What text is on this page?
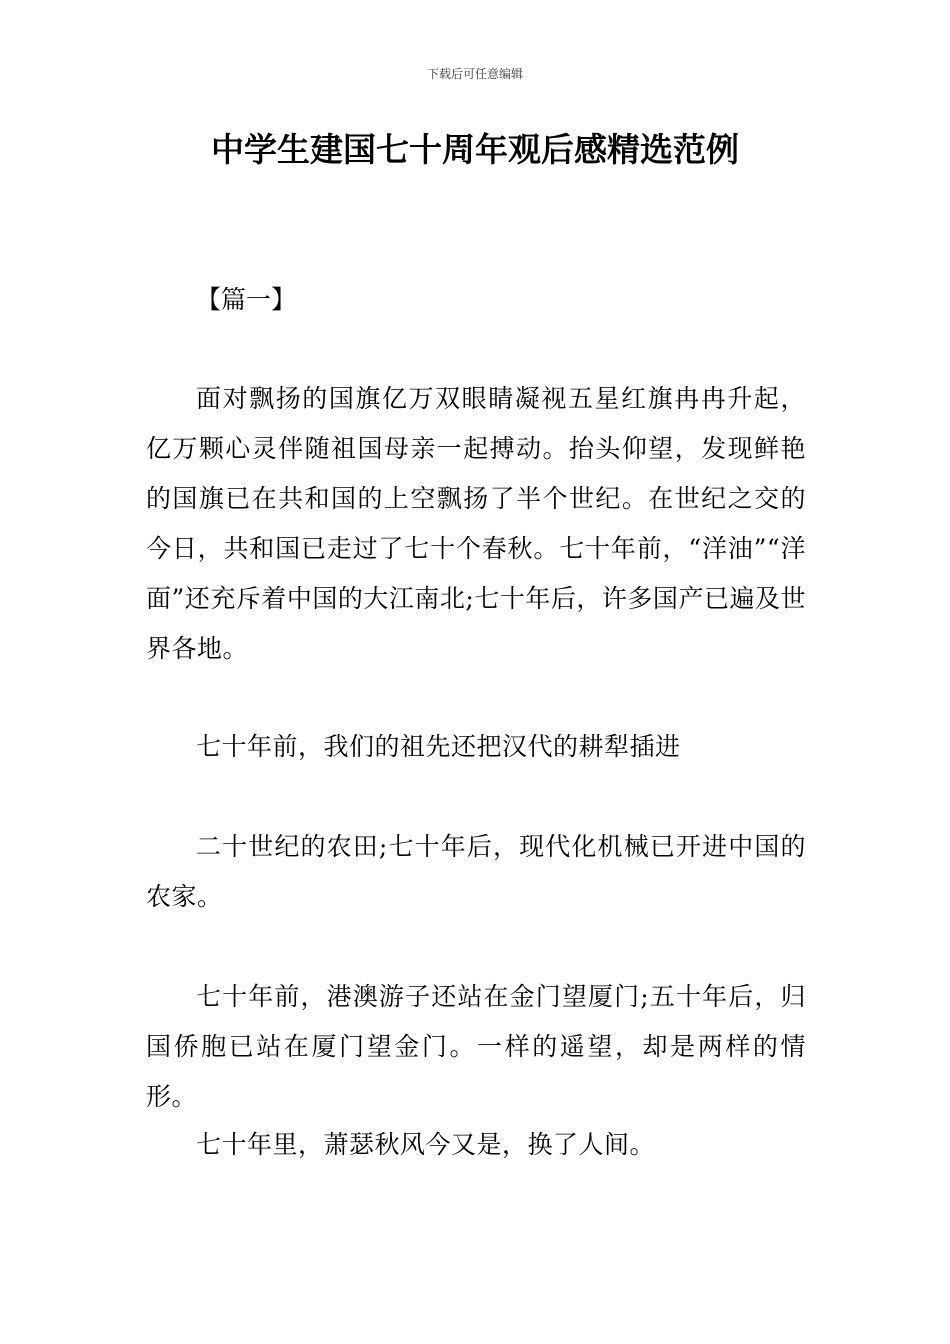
下载后可任意编辑
中学生建国七十周年观后感精选范例
【篇一】

面对飘扬的国旗亿万双眼睛凝视五星红旗冉冉升起，亿万颗心灵伴随祖国母亲一起搏动。抬头仰望，发现鲜艳的国旗已在共和国的上空飘扬了半个世纪。在世纪之交的今日，共和国已走过了七十个春秋。七十年前，“洋油”“洋面”还充斥着中国的大江南北;七十年后，许多国产已遍及世界各地。

七十年前，我们的祖先还把汉代的耕犁插进

二十世纪的农田;七十年后，现代化机械已开进中国的农家。

七十年前，港澳游子还站在金门望厦门;五十年后，归国侨胞已站在厦门望金门。一样的遥望，却是两样的情形。

七十年里，萧瑟秋风今又是，换了人间。
